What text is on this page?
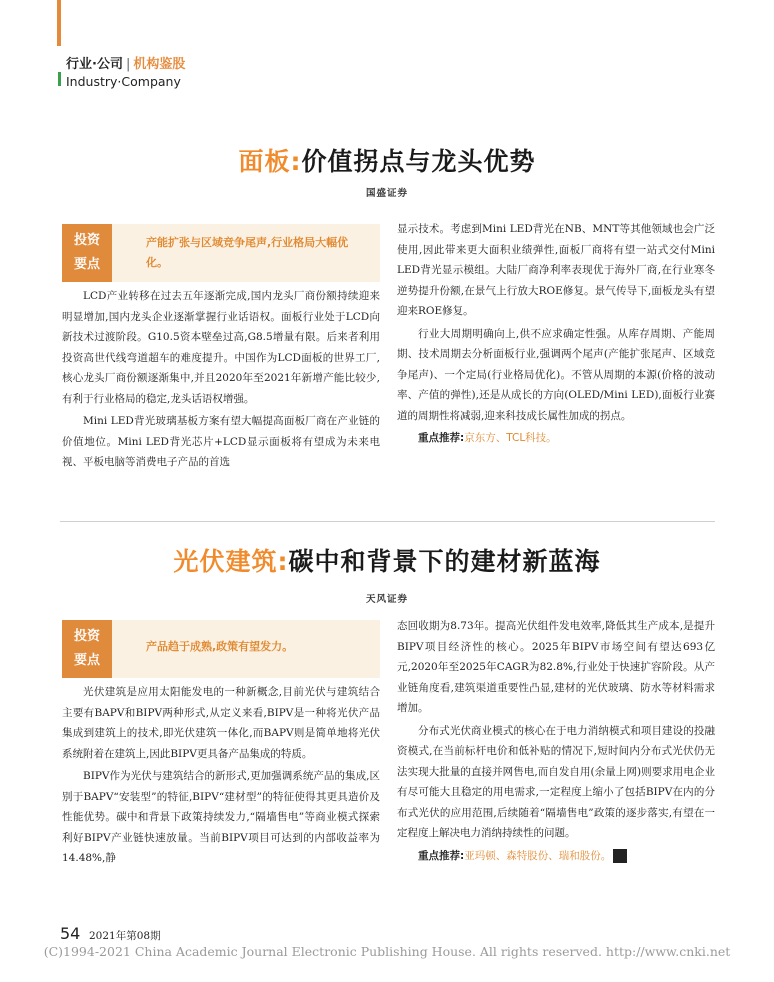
行业·公司 | 机构鉴股
Industry·Company
面板:价值拐点与龙头优势
国盛证券
投资
要点
产能扩张与区域竞争尾声,行业格局大幅优化。

LCD产业转移在过去五年逐渐完成,国内龙头厂商份额持续迎来明显增加,国内龙头企业逐渐掌握行业话语权。面板行业处于LCD向新技术过渡阶段。G10.5资本壁垒过高,G8.5增量有限。后来者利用投资高世代线弯道超车的难度提升。中国作为LCD面板的世界工厂,核心龙头厂商份额逐渐集中,并且2020年至2021年新增产能比较少,有利于行业格局的稳定,龙头话语权增强。

Mini LED背光玻璃基板方案有望大幅提高面板厂商在产业链的价值地位。Mini LED背光芯片+LCD显示面板将有望成为未来电视、平板电脑等消费电子产品的首选

显示技术。考虑到Mini LED背光在NB、MNT等其他领域也会广泛使用,因此带来更大面积业绩弹性,面板厂商将有望一站式交付Mini LED背光显示模组。大陆厂商净利率表现优于海外厂商,在行业寒冬逆势提升份额,在景气上行放大ROE修复。景气传导下,面板龙头有望迎来ROE修复。

行业大周期明确向上,供不应求确定性强。从库存周期、产能周期、技术周期去分析面板行业,强调两个尾声(产能扩张尾声、区域竞争尾声)、一个定局(行业格局优化)。不管从周期的本源(价格的波动率、产值的弹性),还是从成长的方向(OLED/Mini LED),面板行业赛道的周期性将减弱,迎来科技成长属性加成的拐点。

重点推荐:京东方、TCL科技。

光伏建筑:碳中和背景下的建材新蓝海
天风证券
投资
要点
产品趋于成熟,政策有望发力。

光伏建筑是应用太阳能发电的一种新概念,目前光伏与建筑结合主要有BAPV和BIPV两种形式,从定义来看,BIPV是一种将光伏产品集成到建筑上的技术,即光伏建筑一体化,而BAPV则是简单地将光伏系统附着在建筑上,因此BIPV更具备产品集成的特质。

BIPV作为光伏与建筑结合的新形式,更加强调系统产品的集成,区别于BAPV“安装型”的特征,BIPV“建材型”的特征使得其更具造价及性能优势。碳中和背景下政策持续发力,“隔墙售电”等商业模式探索利好BIPV产业链快速放量。当前BIPV项目可达到的内部收益率为14.48%,静

态回收期为8.73年。提高光伏组件发电效率,降低其生产成本,是提升BIPV项目经济性的核心。2025年BIPV市场空间有望达693亿元,2020年至2025年CAGR为82.8%,行业处于快速扩容阶段。从产业链角度看,建筑渠道重要性凸显,建材的光伏玻璃、防水等材料需求增加。

分布式光伏商业模式的核心在于电力消纳模式和项目建设的投融资模式,在当前标杆电价和低补贴的情况下,短时间内分布式光伏仍无法实现大批量的直接并网售电,而自发自用(余量上网)则要求用电企业有尽可能大且稳定的用电需求,一定程度上缩小了包括BIPV在内的分布式光伏的应用范围,后续随着“隔墙售电”政策的逐步落实,有望在一定程度上解决电力消纳持续性的问题。

重点推荐:亚玛顿、森特股份、瑞和股份。	A

54 2021年第08期
(C)1994-2021 China Academic Journal Electronic Publishing House. All rights reserved. http://www.cnki.net
